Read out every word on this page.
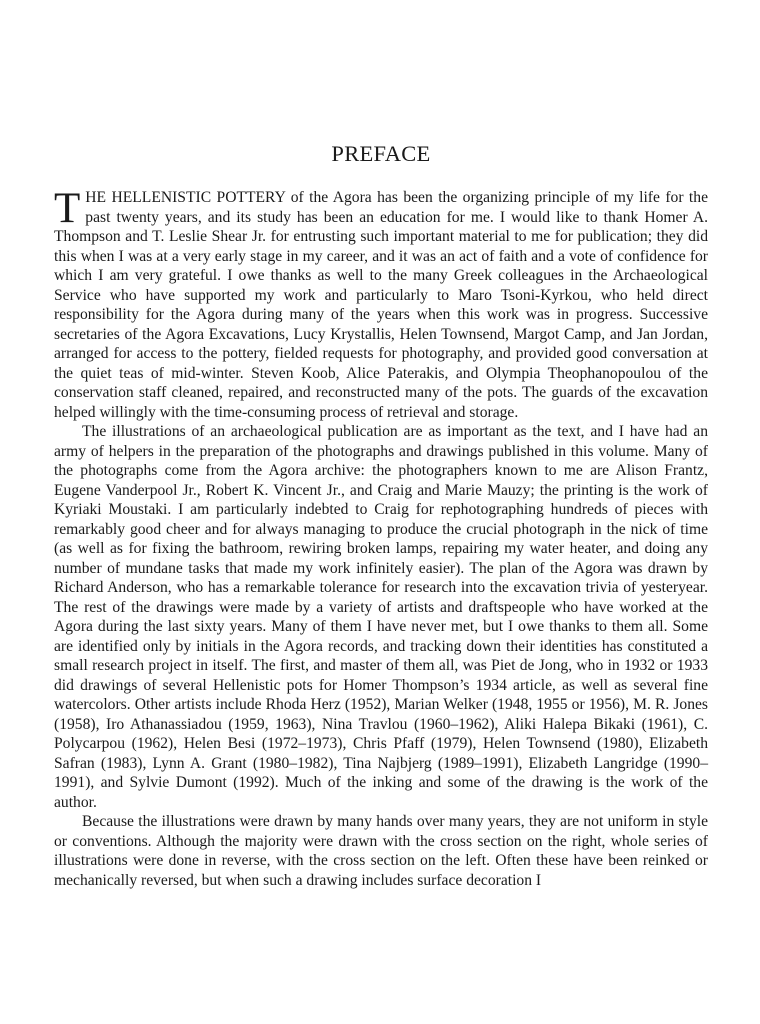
PREFACE

THE HELLENISTIC POTTERY of the Agora has been the organizing principle of my life for the past twenty years, and its study has been an education for me. I would like to thank Homer A. Thompson and T. Leslie Shear Jr. for entrusting such important material to me for publication; they did this when I was at a very early stage in my career, and it was an act of faith and a vote of confidence for which I am very grateful. I owe thanks as well to the many Greek colleagues in the Archaeological Service who have supported my work and particularly to Maro Tsoni-Kyrkou, who held direct responsibility for the Agora during many of the years when this work was in progress. Successive secretaries of the Agora Excavations, Lucy Krystallis, Helen Townsend, Margot Camp, and Jan Jordan, arranged for access to the pottery, fielded requests for photography, and provided good conversation at the quiet teas of mid-winter. Steven Koob, Alice Paterakis, and Olympia Theophanopoulou of the conservation staff cleaned, repaired, and reconstructed many of the pots. The guards of the excavation helped willingly with the time-consuming process of retrieval and storage.

The illustrations of an archaeological publication are as important as the text, and I have had an army of helpers in the preparation of the photographs and drawings published in this volume. Many of the photographs come from the Agora archive: the photographers known to me are Alison Frantz, Eugene Vanderpool Jr., Robert K. Vincent Jr., and Craig and Marie Mauzy; the printing is the work of Kyriaki Moustaki. I am particularly indebted to Craig for rephotographing hundreds of pieces with remarkably good cheer and for always managing to produce the crucial photograph in the nick of time (as well as for fixing the bathroom, rewiring broken lamps, repairing my water heater, and doing any number of mundane tasks that made my work infinitely easier). The plan of the Agora was drawn by Richard Anderson, who has a remarkable tolerance for research into the excavation trivia of yesteryear. The rest of the drawings were made by a variety of artists and draftspeople who have worked at the Agora during the last sixty years. Many of them I have never met, but I owe thanks to them all. Some are identified only by initials in the Agora records, and tracking down their identities has constituted a small research project in itself. The first, and master of them all, was Piet de Jong, who in 1932 or 1933 did drawings of several Hellenistic pots for Homer Thompson’s 1934 article, as well as several fine watercolors. Other artists include Rhoda Herz (1952), Marian Welker (1948, 1955 or 1956), M. R. Jones (1958), Iro Athanassiadou (1959, 1963), Nina Travlou (1960–1962), Aliki Halepa Bikaki (1961), C. Polycarpou (1962), Helen Besi (1972–1973), Chris Pfaff (1979), Helen Townsend (1980), Elizabeth Safran (1983), Lynn A. Grant (1980–1982), Tina Najbjerg (1989–1991), Elizabeth Langridge (1990–1991), and Sylvie Dumont (1992). Much of the inking and some of the drawing is the work of the author.

Because the illustrations were drawn by many hands over many years, they are not uniform in style or conventions. Although the majority were drawn with the cross section on the right, whole series of illustrations were done in reverse, with the cross section on the left. Often these have been reinked or mechanically reversed, but when such a drawing includes surface decoration I
